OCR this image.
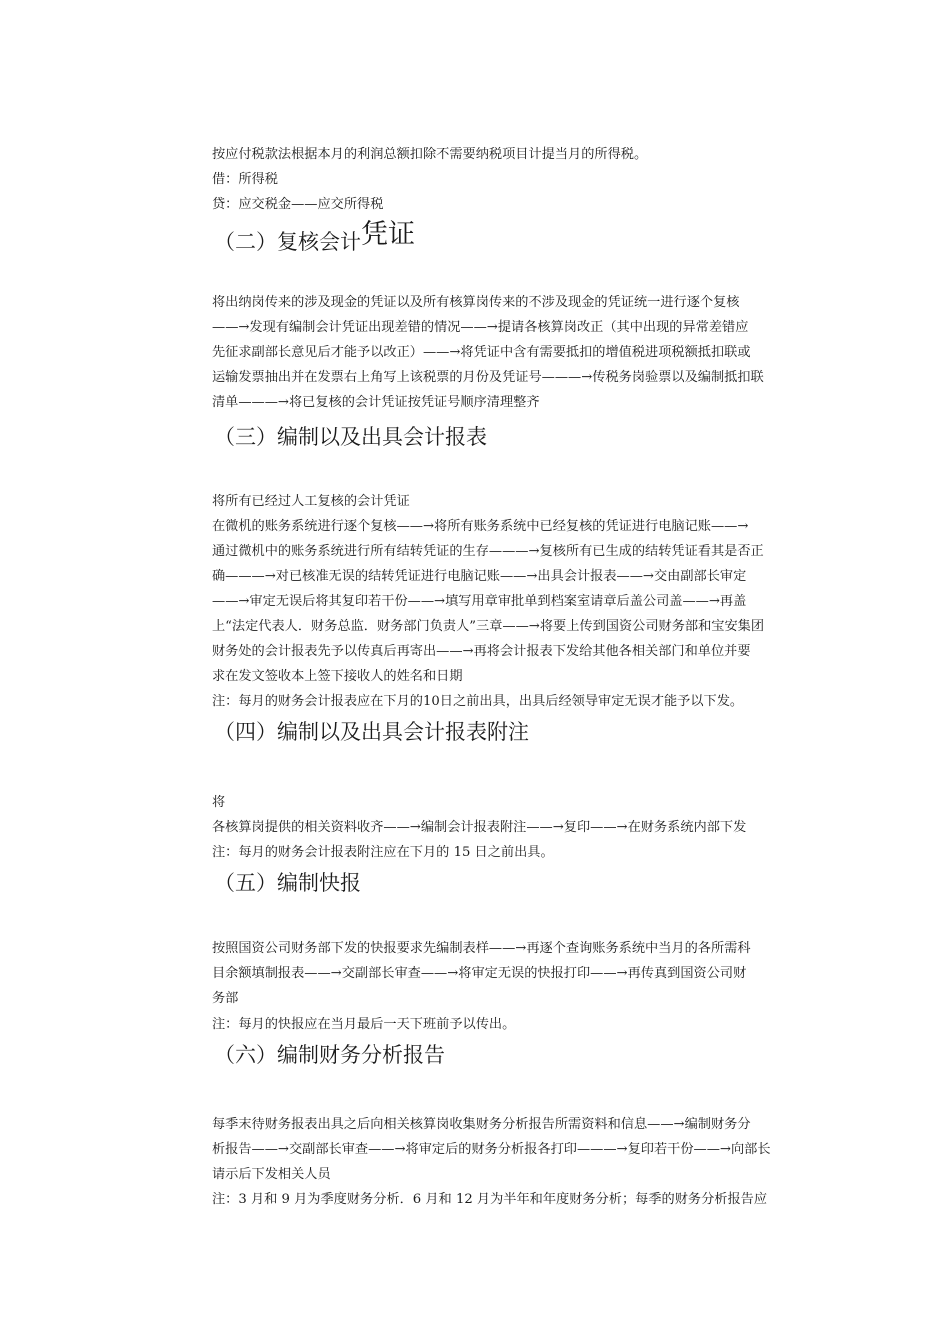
按应付税款法根据本月的利润总额扣除不需要纳税项目计提当月的所得税。
借：所得税
贷：应交税金——应交所得税
（二）复核会计凭证
将出纳岗传来的涉及现金的凭证以及所有核算岗传来的不涉及现金的凭证统一进行逐个复核
——→发现有编制会计凭证出现差错的情况——→提请各核算岗改正（其中出现的异常差错应
先征求副部长意见后才能予以改正）——→将凭证中含有需要抵扣的增值税进项税额抵扣联或
运输发票抽出并在发票右上角写上该税票的月份及凭证号———→传税务岗验票以及编制抵扣联
清单———→将已复核的会计凭证按凭证号顺序清理整齐
（三）编制以及出具会计报表
将所有已经过人工复核的会计凭证
在微机的账务系统进行逐个复核——→将所有账务系统中已经复核的凭证进行电脑记账——→
通过微机中的账务系统进行所有结转凭证的生存———→复核所有已生成的结转凭证看其是否正
确———→对已核准无误的结转凭证进行电脑记账——→出具会计报表——→交由副部长审定
——→审定无误后将其复印若干份——→填写用章审批单到档案室请章后盖公司盖——→再盖
上“法定代表人．财务总监．财务部门负责人”三章——→将要上传到国资公司财务部和宝安集团
财务处的会计报表先予以传真后再寄出——→再将会计报表下发给其他各相关部门和单位并要
求在发文签收本上签下接收人的姓名和日期
注：每月的财务会计报表应在下月的10日之前出具，出具后经领导审定无误才能予以下发。
（四）编制以及出具会计报表附注
将
各核算岗提供的相关资料收齐——→编制会计报表附注——→复印——→在财务系统内部下发
注：每月的财务会计报表附注应在下月的 15 日之前出具。
（五）编制快报
按照国资公司财务部下发的快报要求先编制表样——→再逐个查询账务系统中当月的各所需科
目余额填制报表——→交副部长审查——→将审定无误的快报打印——→再传真到国资公司财
务部
注：每月的快报应在当月最后一天下班前予以传出。
（六）编制财务分析报告
每季末待财务报表出具之后向相关核算岗收集财务分析报告所需资料和信息——→编制财务分
析报告——→交副部长审查——→将审定后的财务分析报各打印———→复印若干份——→向部长
请示后下发相关人员
注：3 月和 9 月为季度财务分析．6 月和 12 月为半年和年度财务分析；每季的财务分析报告应
